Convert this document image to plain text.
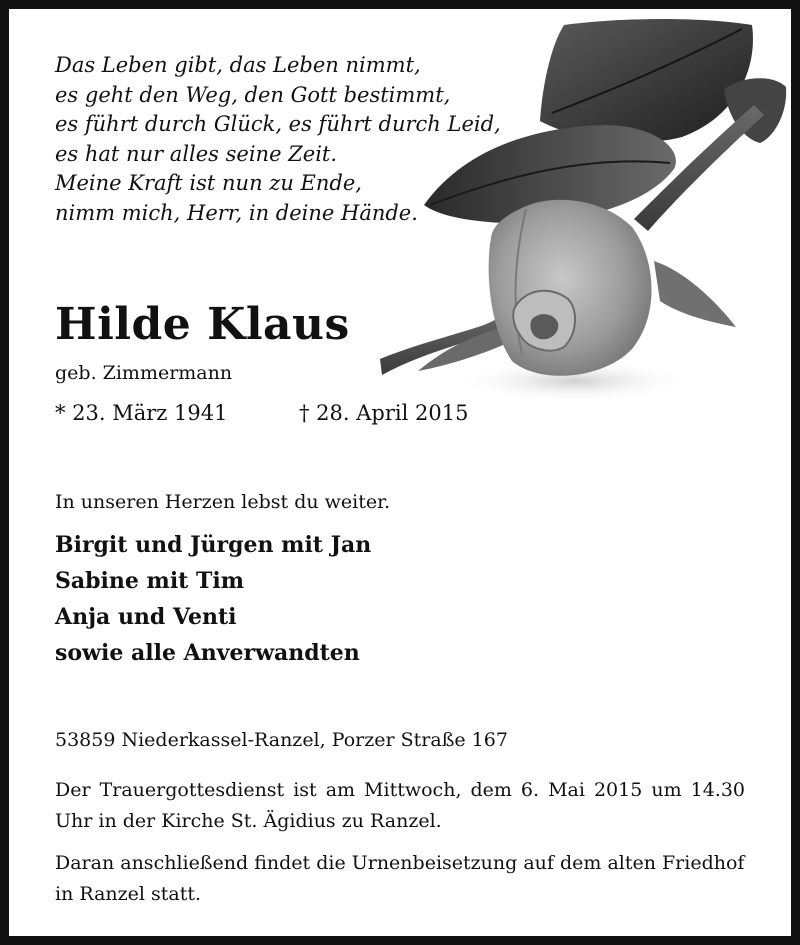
Das Leben gibt, das Leben nimmt,
es geht den Weg, den Gott bestimmt,
es führt durch Glück, es führt durch Leid,
es hat nur alles seine Zeit.
Meine Kraft ist nun zu Ende,
nimm mich, Herr, in deine Hände.
Hilde Klaus
geb. Zimmermann
* 23. März 1941	† 28. April 2015
In unseren Herzen lebst du weiter.
Birgit und Jürgen mit Jan
Sabine mit Tim
Anja und Venti
sowie alle Anverwandten
53859 Niederkassel-Ranzel, Porzer Straße 167
Der Trauergottesdienst ist am Mittwoch, dem 6. Mai 2015 um 14.30 Uhr in der Kirche St. Ägidius zu Ranzel.
Daran anschließend findet die Urnenbeisetzung auf dem alten Friedhof in Ranzel statt.
